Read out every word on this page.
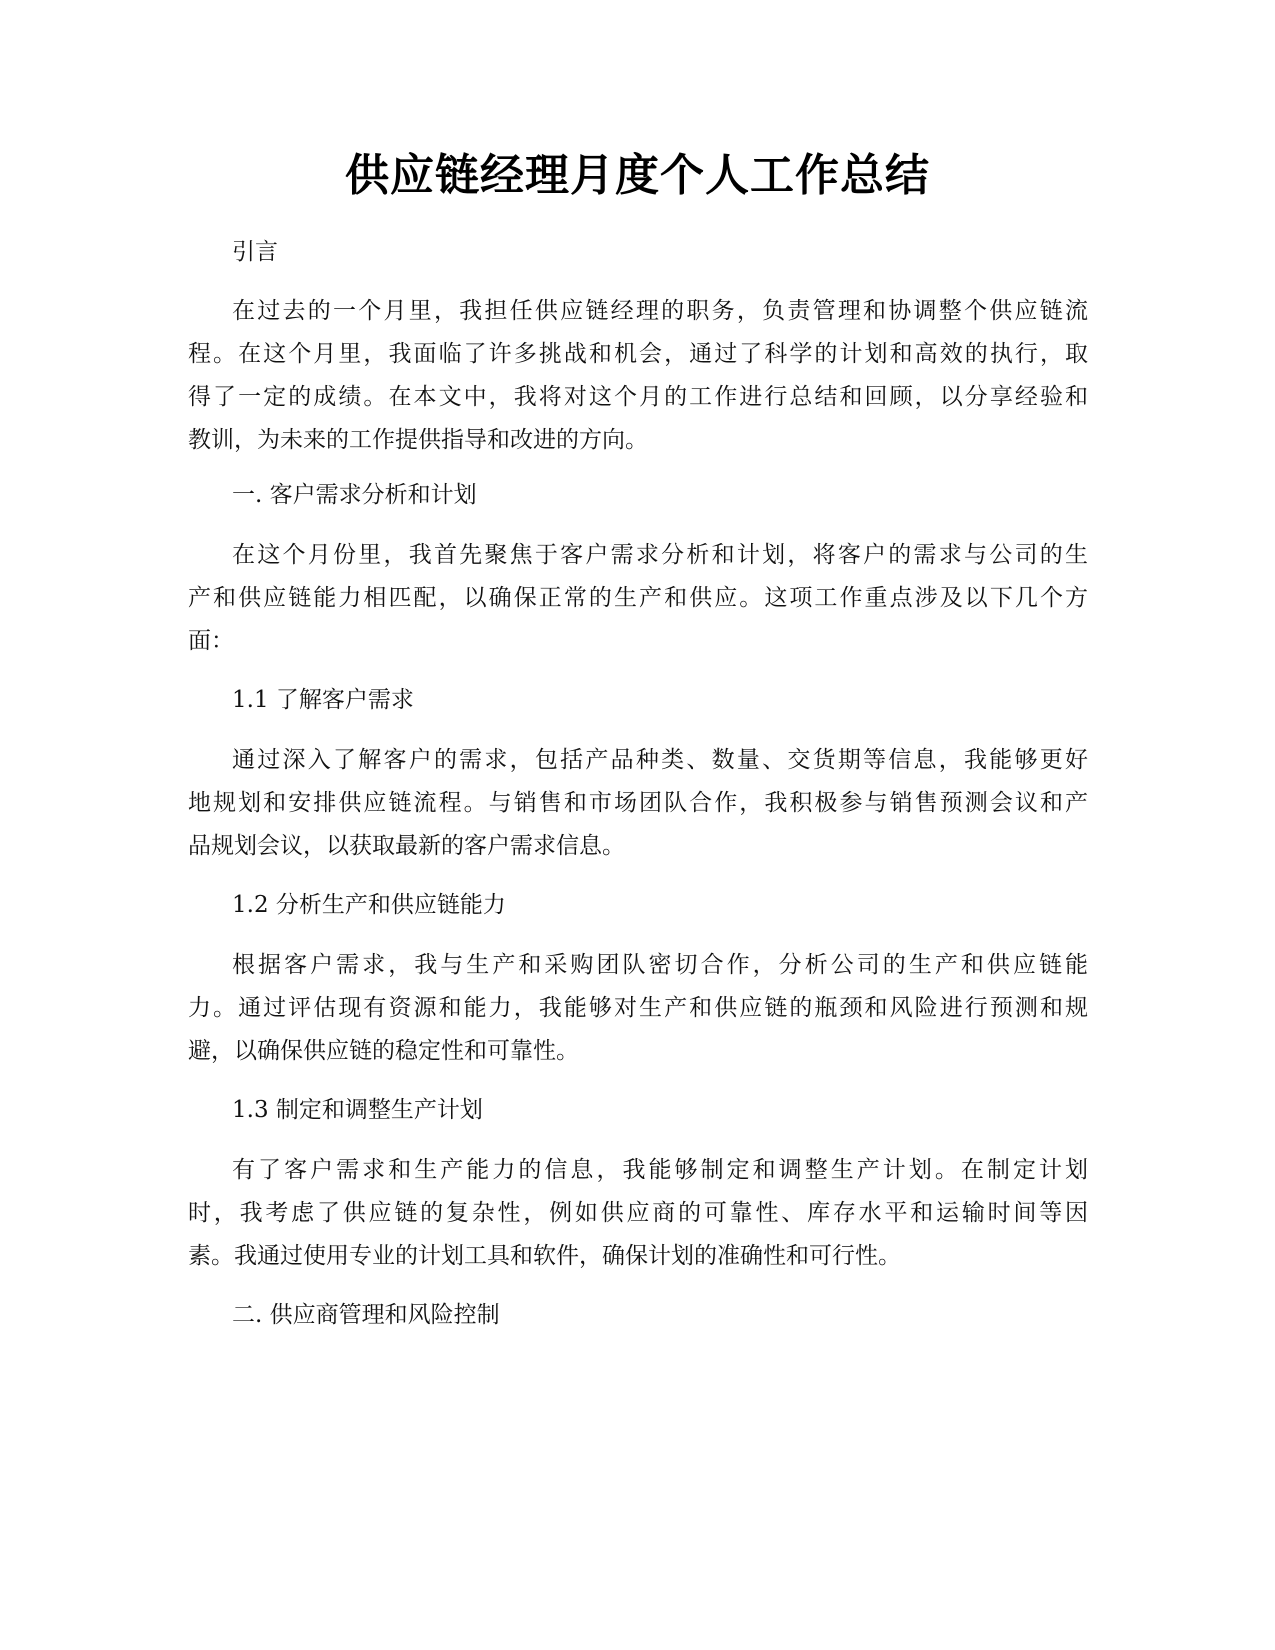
供应链经理月度个人工作总结
引言
在过去的一个月里，我担任供应链经理的职务，负责管理和协调整个供应链流
程。在这个月里，我面临了许多挑战和机会，通过了科学的计划和高效的执行，取
得了一定的成绩。在本文中，我将对这个月的工作进行总结和回顾，以分享经验和
教训，为未来的工作提供指导和改进的方向。
一. 客户需求分析和计划
在这个月份里，我首先聚焦于客户需求分析和计划，将客户的需求与公司的生
产和供应链能力相匹配，以确保正常的生产和供应。这项工作重点涉及以下几个方
面：
1.1 了解客户需求
通过深入了解客户的需求，包括产品种类、数量、交货期等信息，我能够更好
地规划和安排供应链流程。与销售和市场团队合作，我积极参与销售预测会议和产
品规划会议，以获取最新的客户需求信息。
1.2 分析生产和供应链能力
根据客户需求，我与生产和采购团队密切合作，分析公司的生产和供应链能
力。通过评估现有资源和能力，我能够对生产和供应链的瓶颈和风险进行预测和规
避，以确保供应链的稳定性和可靠性。
1.3 制定和调整生产计划
有了客户需求和生产能力的信息，我能够制定和调整生产计划。在制定计划
时，我考虑了供应链的复杂性，例如供应商的可靠性、库存水平和运输时间等因
素。我通过使用专业的计划工具和软件，确保计划的准确性和可行性。
二. 供应商管理和风险控制
